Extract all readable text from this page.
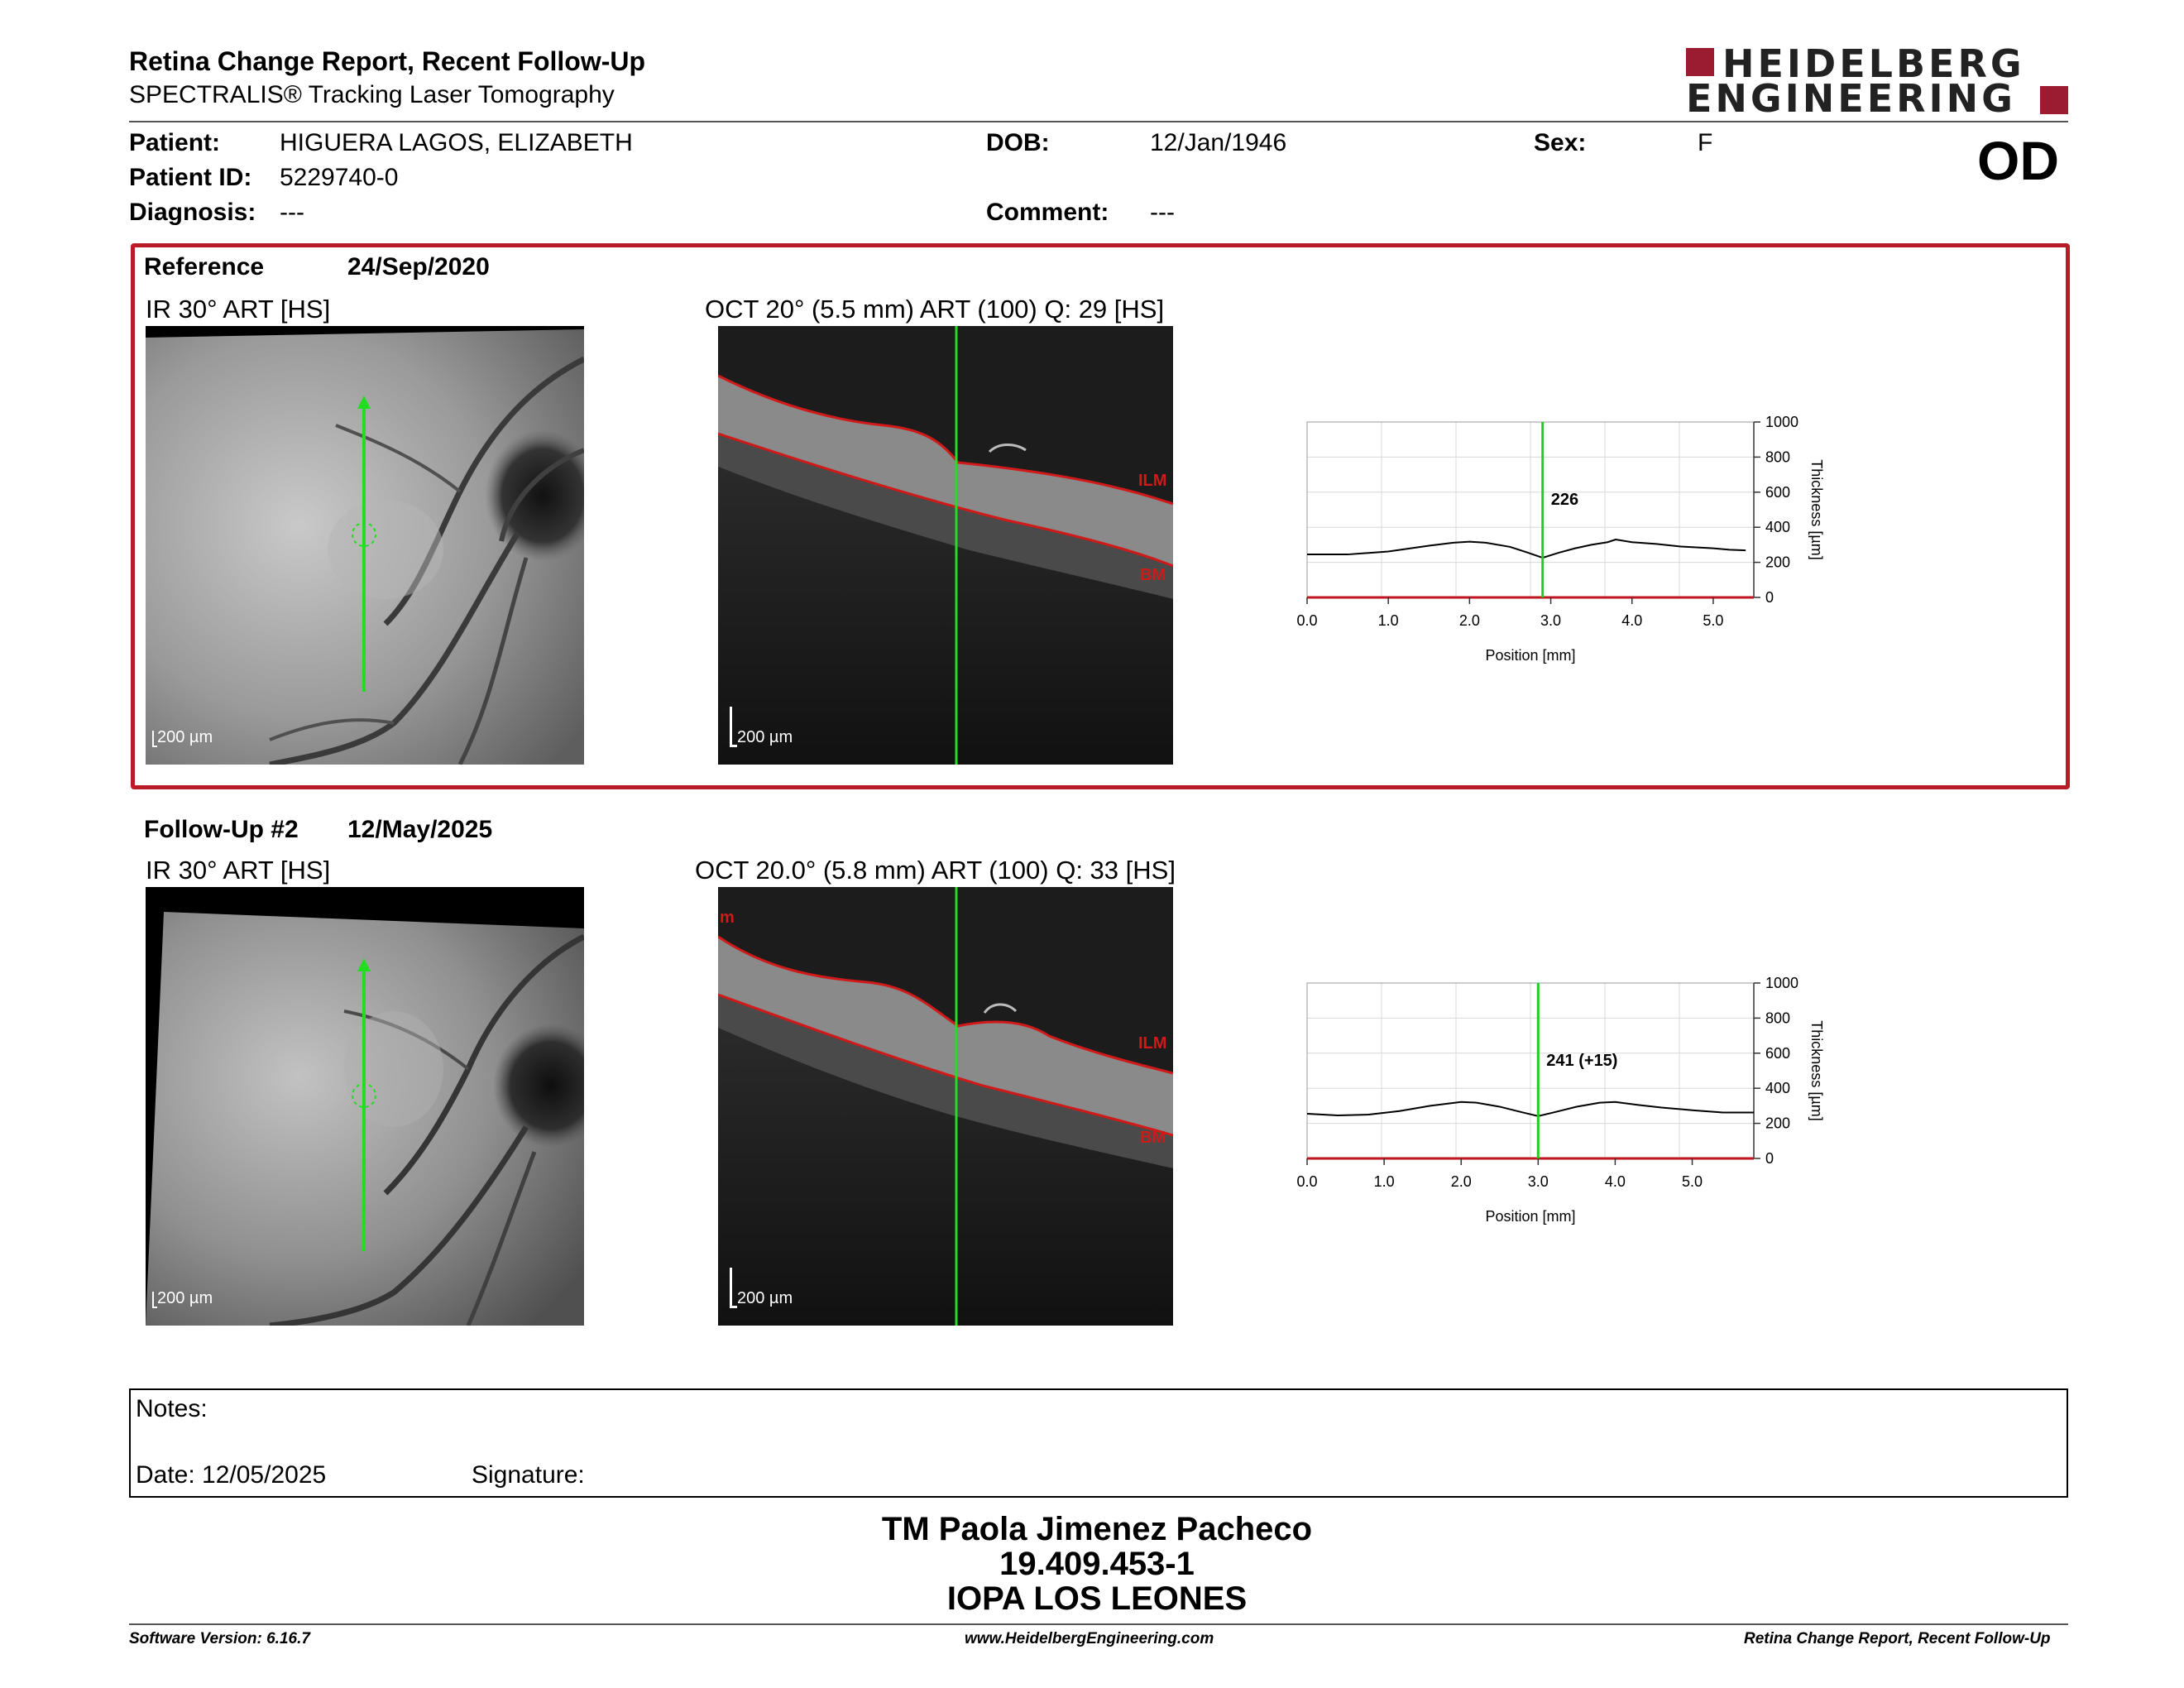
Retina Change Report, Recent Follow-Up
SPECTRALIS® Tracking Laser Tomography
HEIDELBERG
ENGINEERING
Patient: HIGUERA LAGOS, ELIZABETH
Patient ID: 5229740-0
Diagnosis: ---
DOB:	12/Jan/1946
Comment: ---
Sex:	F	OD
Reference	24/Sep/2020
IR 30° ART [HS]	OCT 20° (5.5 mm) ART (100) Q: 29 [HS]
200 µm
ILM
BM
200 µm
0
200
400
600
800
1000
0.0	1.0	2.0	3.0	4.0	5.0
226
Position [mm]
Thickness [µm]
Follow-Up #2 12/May/2025
IR 30° ART [HS]	OCT 20.0° (5.8 mm) ART (100) Q: 33 [HS]
200 µm
m
ILM
BM
200 µm
0
200
400
600
800
1000
0.0	1.0	2.0	3.0	4.0	5.0
241 (+15)
Position [mm]
Thickness [µm]
Notes:
Date: 12/05/2025	Signature:
TM Paola Jimenez Pacheco
19.409.453-1
IOPA LOS LEONES
Software Version: 6.16.7	www.HeidelbergEngineering.com	Retina Change Report, Recent Follow-Up
